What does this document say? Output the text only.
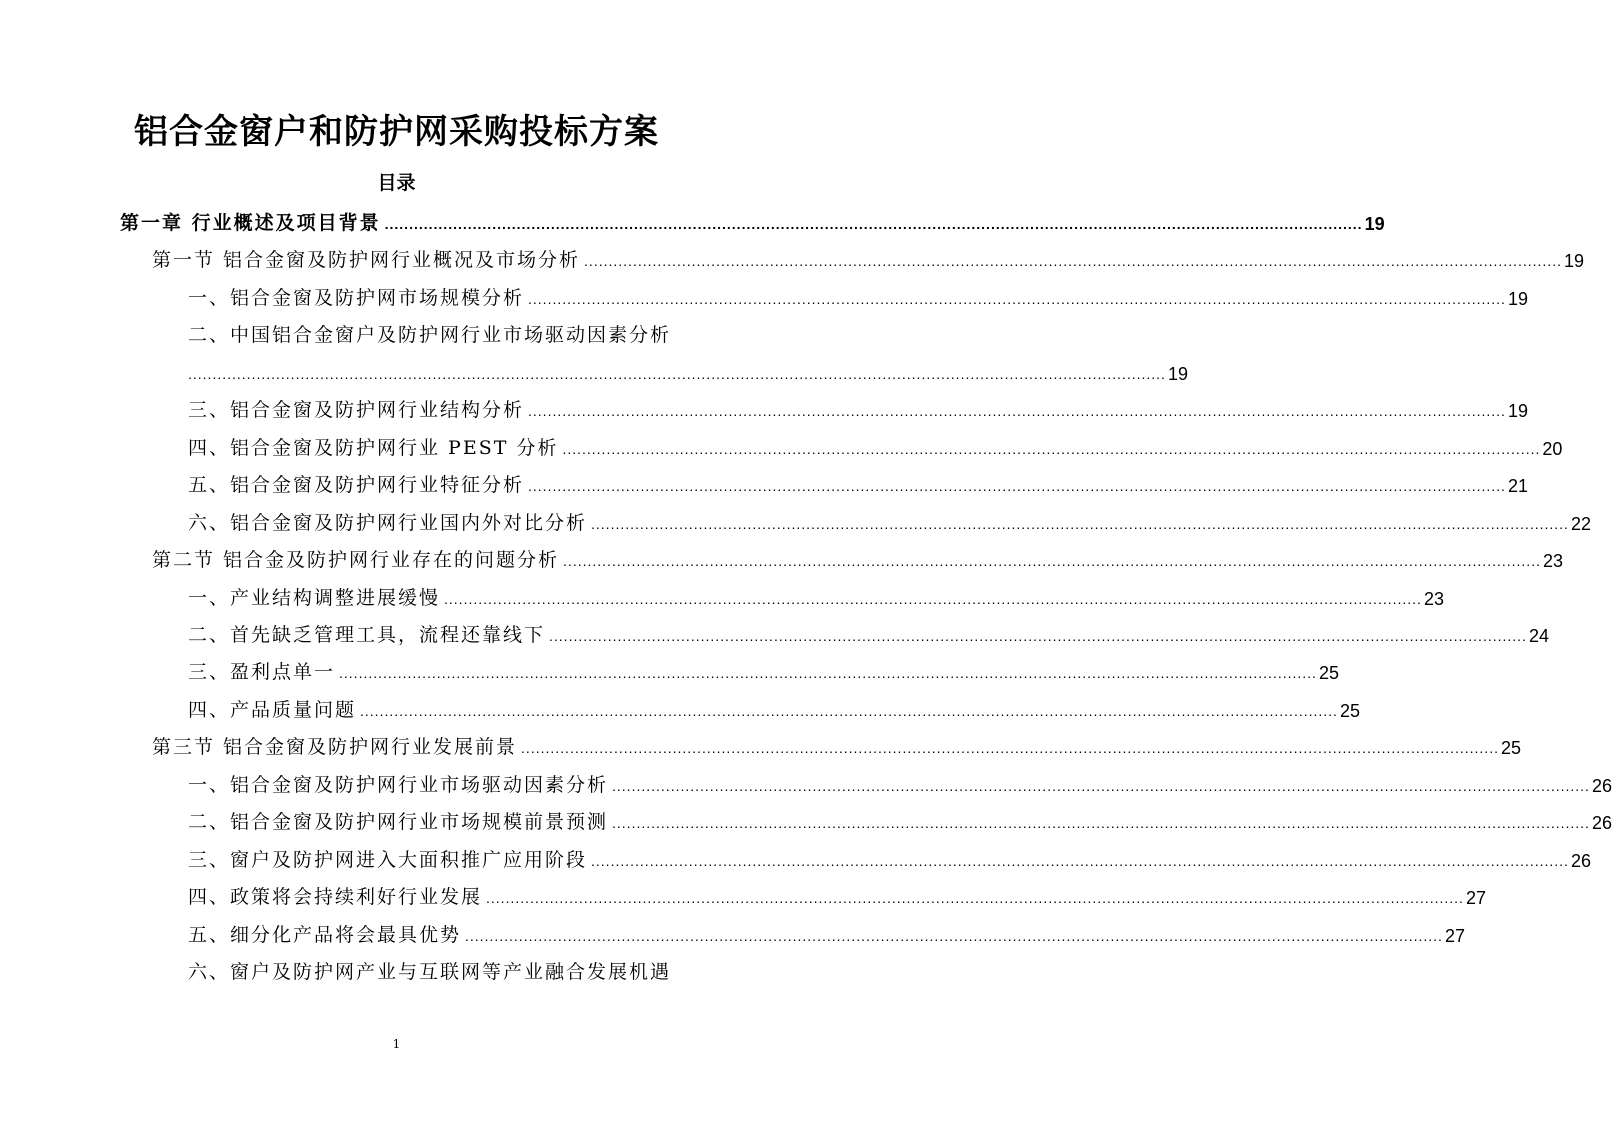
铝合金窗户和防护网采购投标方案
目录
第一章 行业概述及项目背景 ........................................................................................................................................................................................................ 19
第一节 铝合金窗及防护网行业概况及市场分析 ........................................................................................................................................................................................................ 19
一、铝合金窗及防护网市场规模分析 ........................................................................................................................................................................................................ 19
二、中国铝合金窗户及防护网行业市场驱动因素分析
........................................................................................................................................................................................................ 19
三、铝合金窗及防护网行业结构分析 ........................................................................................................................................................................................................ 19
四、铝合金窗及防护网行业 PEST 分析 ........................................................................................................................................................................................................ 20
五、铝合金窗及防护网行业特征分析 ........................................................................................................................................................................................................ 21
六、铝合金窗及防护网行业国内外对比分析 ........................................................................................................................................................................................................ 22
第二节 铝合金及防护网行业存在的问题分析 ........................................................................................................................................................................................................ 23
一、产业结构调整进展缓慢 ........................................................................................................................................................................................................ 23
二、首先缺乏管理工具，流程还靠线下 ........................................................................................................................................................................................................ 24
三、盈利点单一 ........................................................................................................................................................................................................ 25
四、产品质量问题 ........................................................................................................................................................................................................ 25
第三节 铝合金窗及防护网行业发展前景 ........................................................................................................................................................................................................ 25
一、铝合金窗及防护网行业市场驱动因素分析 ........................................................................................................................................................................................................ 26
二、铝合金窗及防护网行业市场规模前景预测 ........................................................................................................................................................................................................ 26
三、窗户及防护网进入大面积推广应用阶段 ........................................................................................................................................................................................................ 26
四、政策将会持续利好行业发展 ........................................................................................................................................................................................................ 27
五、细分化产品将会最具优势 ........................................................................................................................................................................................................ 27
六、窗户及防护网产业与互联网等产业融合发展机遇
1
